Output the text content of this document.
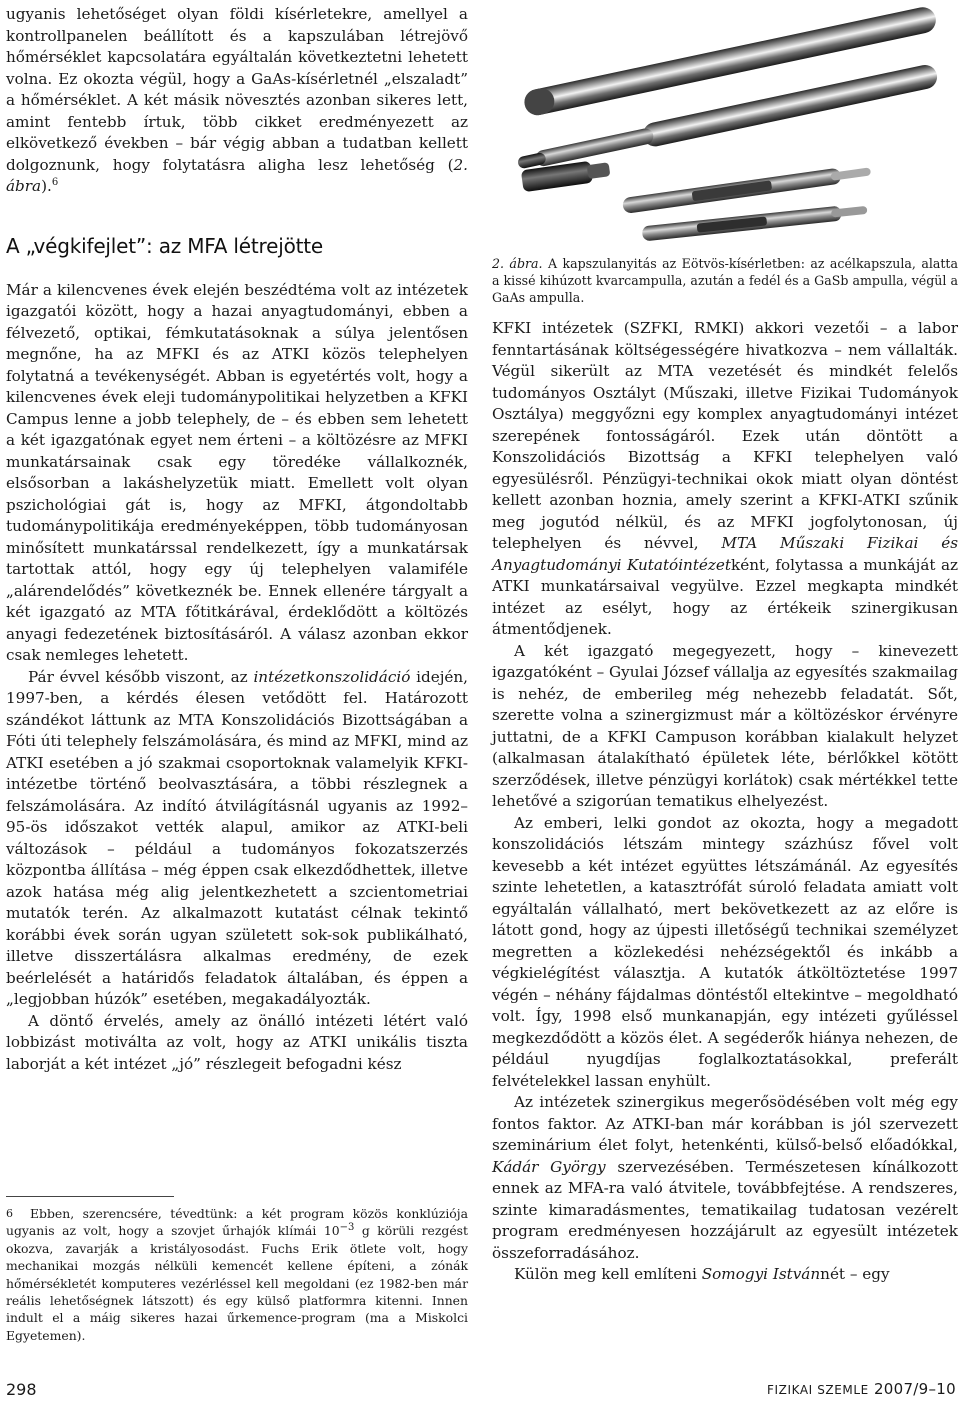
ugyanis lehetőséget olyan földi kísérletekre, amellyel a kontrollpanelen beállított és a kapszulában létrejövő hőmérséklet kapcsolatára egyáltalán következtetni lehetett volna. Ez okozta végül, hogy a GaAs-kísérletnél „elszaladt” a hőmérséklet. A két másik növesztés azonban sikeres lett, amint fentebb írtuk, több cikket eredményezett az elkövetkező években – bár végig abban a tudatban kellett dolgoznunk, hogy folytatásra aligha lesz lehetőség (2. ábra).$^6$

A „végkifejlet”: az MFA létrejötte

Már a kilencvenes évek elején beszédtéma volt az intézetek igazgatói között, hogy a hazai anyagtudományi, ebben a félvezető, optikai, fémkutatásoknak a súlya jelentősen megnőne, ha az MFKI és az ATKI közös telephelyen folytatná a tevékenységét. Abban is egyetértés volt, hogy a kilencvenes évek eleji tudománypolitikai helyzetben a KFKI Campus lenne a jobb telephely, de – és ebben sem lehetett a két igazgatónak egyet nem érteni – a költözésre az MFKI munkatársainak csak egy töredéke vállalkoznék, elsősorban a lakáshelyzetük miatt. Emellett volt olyan pszichológiai gát is, hogy az MFKI, átgondoltabb tudománypolitikája eredményeképpen, több tudományosan minősített munkatárssal rendelkezett, így a munkatársak tartottak attól, hogy egy új telephelyen valamiféle „alárendelődés” következnék be. Ennek ellenére tárgyalt a két igazgató az MTA főtitkárával, érdeklődött a költözés anyagi fedezetének biztosításáról. A válasz azonban ekkor csak nemleges lehetett.

Pár évvel később viszont, az intézetkonszolidáció idején, 1997-ben, a kérdés élesen vetődött fel. Határozott szándékot láttunk az MTA Konszolidációs Bizottságában a Fóti úti telephely felszámolására, és mind az MFKI, mind az ATKI esetében a jó szakmai csoportoknak valamelyik KFKI-intézetbe történő beolvasztására, a többi részlegnek a felszámolására. Az indító átvilágításnál ugyanis az 1992–95-ös időszakot vették alapul, amikor az ATKI-beli változások – például a tudományos fokozatszerzés központba állítása – még éppen csak elkezdődhettek, illetve azok hatása még alig jelentkezhetett a szcientometriai mutatók terén. Az alkalmazott kutatást célnak tekintő korábbi évek során ugyan született sok-sok publikálható, illetve disszertálásra alkalmas eredmény, de ezek beérlelését a határidős feladatok általában, és éppen a „legjobban húzók” esetében, megakadályozták.

A döntő érvelés, amely az önálló intézeti létért való lobbizást motiválta az volt, hogy az ATKI unikális tiszta laborját a két intézet „jó” részlegeit befogadni kész

6 Ebben, szerencsére, tévedtünk: a két program közös konklúziója ugyanis az volt, hogy a szovjet űrhajók klímái $10^{-3}$ g körüli rezgést okozva, zavarják a kristályosodást. Fuchs Erik ötlete volt, hogy mechanikai mozgás nélküli kemencét kellene építeni, a zónák hőmérsékletét komputeres vezérléssel kell megoldani (ez 1982-ben már reális lehetőségnek látszott) és egy külső platformra kitenni. Innen indult el a máig sikeres hazai űrkemence-program (ma a Miskolci Egyetemen).

2. ábra. A kapszulanyitás az Eötvös-kísérletben: az acélkapszula, alatta a kissé kihúzott kvarcampulla, azután a fedél és a GaSb ampulla, végül a GaAs ampulla.

KFKI intézetek (SZFKI, RMKI) akkori vezetői – a labor fenntartásának költségességére hivatkozva – nem vállalták. Végül sikerült az MTA vezetését és mindkét felelős tudományos Osztályt (Műszaki, illetve Fizikai Tudományok Osztálya) meggyőzni egy komplex anyagtudományi intézet szerepének fontosságáról. Ezek után döntött a Konszolidációs Bizottság a KFKI telephelyen való egyesülésről. Pénzügyi-technikai okok miatt olyan döntést kellett azonban hoznia, amely szerint a KFKI-ATKI szűnik meg jogutód nélkül, és az MFKI jogfolytonosan, új telephelyen és névvel, MTA Műszaki Fizikai és Anyagtudományi Kutatóintézetként, folytassa a munkáját az ATKI munkatársaival vegyülve. Ezzel megkapta mindkét intézet az esélyt, hogy az értékeik szinergikusan átmentődjenek.

A két igazgató megegyezett, hogy – kinevezett igazgatóként – Gyulai József vállalja az egyesítés szakmailag is nehéz, de emberileg még nehezebb feladatát. Sőt, szerette volna a szinergizmust már a költözéskor érvényre juttatni, de a KFKI Campuson korábban kialakult helyzet (alkalmasan átalakítható épületek léte, bérlőkkel kötött szerződések, illetve pénzügyi korlátok) csak mértékkel tette lehetővé a szigorúan tematikus elhelyezést.

Az emberi, lelki gondot az okozta, hogy a megadott konszolidációs létszám mintegy százhúsz fővel volt kevesebb a két intézet együttes létszámánál. Az egyesítés szinte lehetetlen, a katasztrófát súroló feladata amiatt volt egyáltalán vállalható, mert bekövetkezett az az előre is látott gond, hogy az újpesti illetőségű technikai személyzet megretten a közlekedési nehézségektől és inkább a végkielégítést választja. A kutatók átköltöztetése 1997 végén – néhány fájdalmas döntéstől eltekintve – megoldható volt. Így, 1998 első munkanapján, egy intézeti gyűléssel megkezdődött a közös élet. A segéderők hiánya nehezen, de például nyugdíjas foglalkoztatásokkal, preferált felvételekkel lassan enyhült.

Az intézetek szinergikus megerősödésében volt még egy fontos faktor. Az ATKI-ban már korábban is jól szervezett szeminárium élet folyt, hetenkénti, külső-belső előadókkal, Kádár György szervezésében. Természetesen kínálkozott ennek az MFA-ra való átvitele, továbbfejtése. A rendszeres, szinte kimaradásmentes, tematikailag tudatosan vezérelt program eredményesen hozzájárult az egyesült intézetek összeforradásához.

Külön meg kell említeni Somogyi Istvánnét – egy

298	FIZIKAI SZEMLE 2007/9–10
